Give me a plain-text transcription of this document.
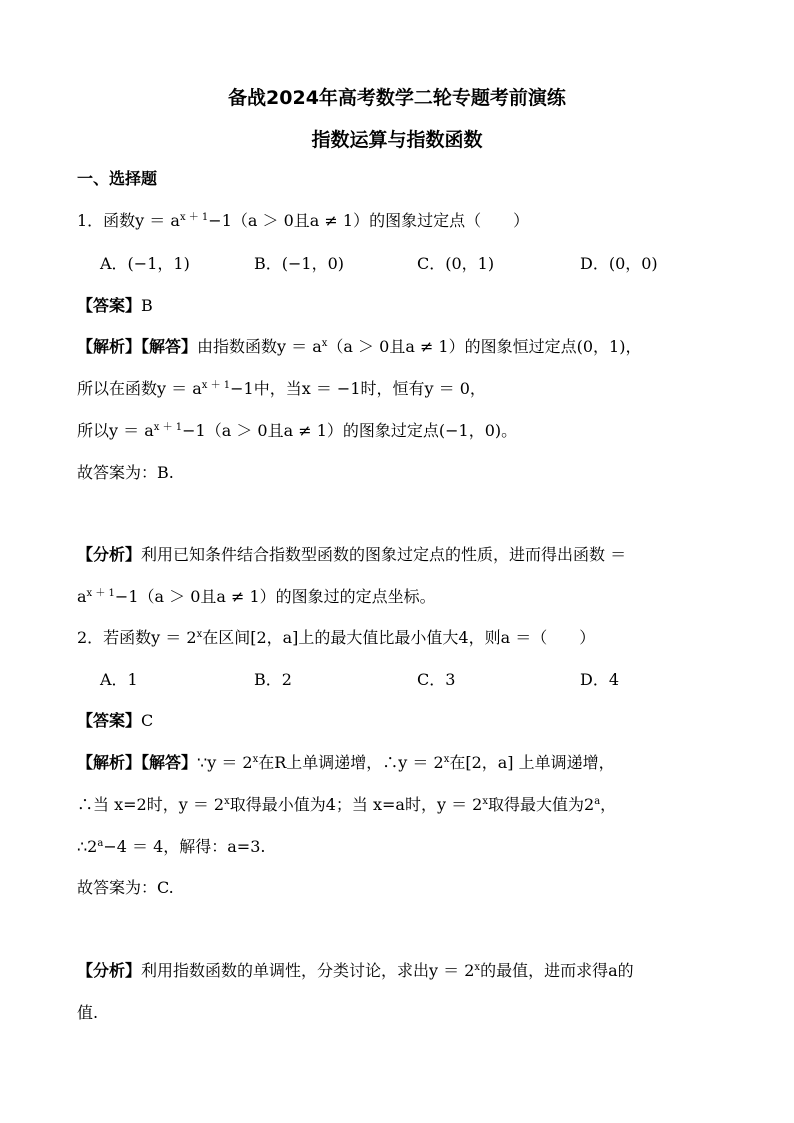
备战2024年高考数学二轮专题考前演练
指数运算与指数函数
一、选择题
1．函数$y = a^{x + 1}-1(a > 0$且a ≠ 1）的图象过定点（　　）
A．(−1，1)	B．(−1，0)	C．(0，1)	D．(0，0)
【答案】B
【解析】【解答】由指数函数$y = a^x(a > 0$且a ≠ 1）的图象恒过定点(0，1)，
所以在函数$y = a^{x + 1}-1$中，当x ＝ −1时，恒有y ＝ 0，
所以$y = a^{x + 1}-1(a > 0$且a ≠ 1）的图象过定点(−1，0)。
故答案为：B.
【分析】利用已知条件结合指数型函数的图象过定点的性质，进而得出函数 ＝
$a^{x + 1}-1(a > 0$且a ≠ 1）的图象过的定点坐标。
2．若函数$y = 2^x$在区间[2，a]上的最大值比最小值大4，则a ＝（　　）
A．1	B．2	C．3	D．4
【答案】C
【解析】【解答】∵y ＝ $2^x$在R上单调递增，∴y ＝ $2^x$在[2，a] 上单调递增，
∴当 x=2时，$y = 2^x$取得最小值为4；当 x=a时，$y = 2^x$取得最大值为2$^a$，
$\therefore 2^a-4 = 4$，解得：a=3.
故答案为：C.
【分析】利用指数函数的单调性，分类讨论，求出$y = 2^x$的最值，进而求得a的
值.
